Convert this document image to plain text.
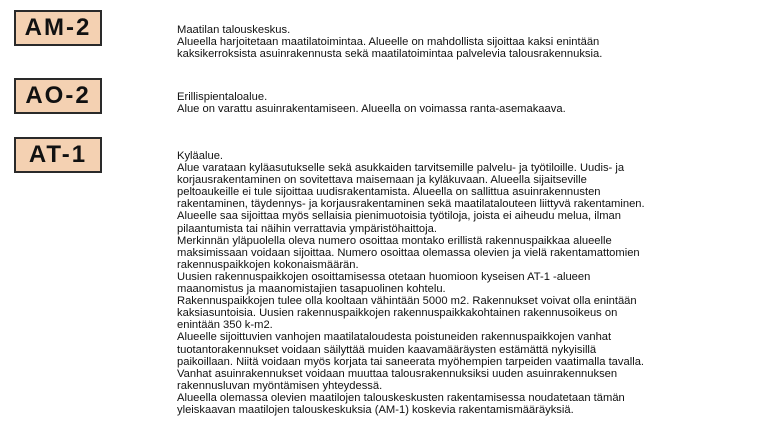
AM-2	Maatilan talouskeskus.
Alueella harjoitetaan maatilatoimintaa. Alueelle on mahdollista sijoittaa kaksi enintään
kaksikerroksista asuinrakennusta sekä maatilatoimintaa palvelevia talousrakennuksia.
AO-2	Erillispientaloalue.
Alue on varattu asuinrakentamiseen. Alueella on voimassa ranta-asemakaava.
AT-1	Kyläalue.
Alue varataan kyläasutukselle sekä asukkaiden tarvitsemille palvelu- ja työtiloille. Uudis- ja
korjausrakentaminen on sovitettava maisemaan ja kyläkuvaan. Alueella sijaitseville
peltoaukeille ei tule sijoittaa uudisrakentamista. Alueella on sallittua asuinrakennusten
rakentaminen, täydennys- ja korjausrakentaminen sekä maatilatalouteen liittyvä rakentaminen.
Alueelle saa sijoittaa myös sellaisia pienimuotoisia työtiloja, joista ei aiheudu melua, ilman
pilaantumista tai näihin verrattavia ympäristöhaittoja.
Merkinnän yläpuolella oleva numero osoittaa montako erillistä rakennuspaikkaa alueelle
maksimissaan voidaan sijoittaa. Numero osoittaa olemassa olevien ja vielä rakentamattomien
rakennuspaikkojen kokonaismäärän.
Uusien rakennuspaikkojen osoittamisessa otetaan huomioon kyseisen AT-1 -alueen
maanomistus ja maanomistajien tasapuolinen kohtelu.
Rakennuspaikkojen tulee olla kooltaan vähintään 5000 m2. Rakennukset voivat olla enintään
kaksiasuntoisia. Uusien rakennuspaikkojen rakennuspaikkakohtainen rakennusoikeus on
enintään 350 k-m2.
Alueelle sijoittuvien vanhojen maatilataloudesta poistuneiden rakennuspaikkojen vanhat
tuotantorakennukset voidaan säilyttää muiden kaavamääräysten estämättä nykyisillä
paikoillaan. Niitä voidaan myös korjata tai saneerata myöhempien tarpeiden vaatimalla tavalla.
Vanhat asuinrakennukset voidaan muuttaa talousrakennuksiksi uuden asuinrakennuksen
rakennusluvan myöntämisen yhteydessä.
Alueella olemassa olevien maatilojen talouskeskusten rakentamisessa noudatetaan tämän
yleiskaavan maatilojen talouskeskuksia (AM-1) koskevia rakentamismääräyksiä.
